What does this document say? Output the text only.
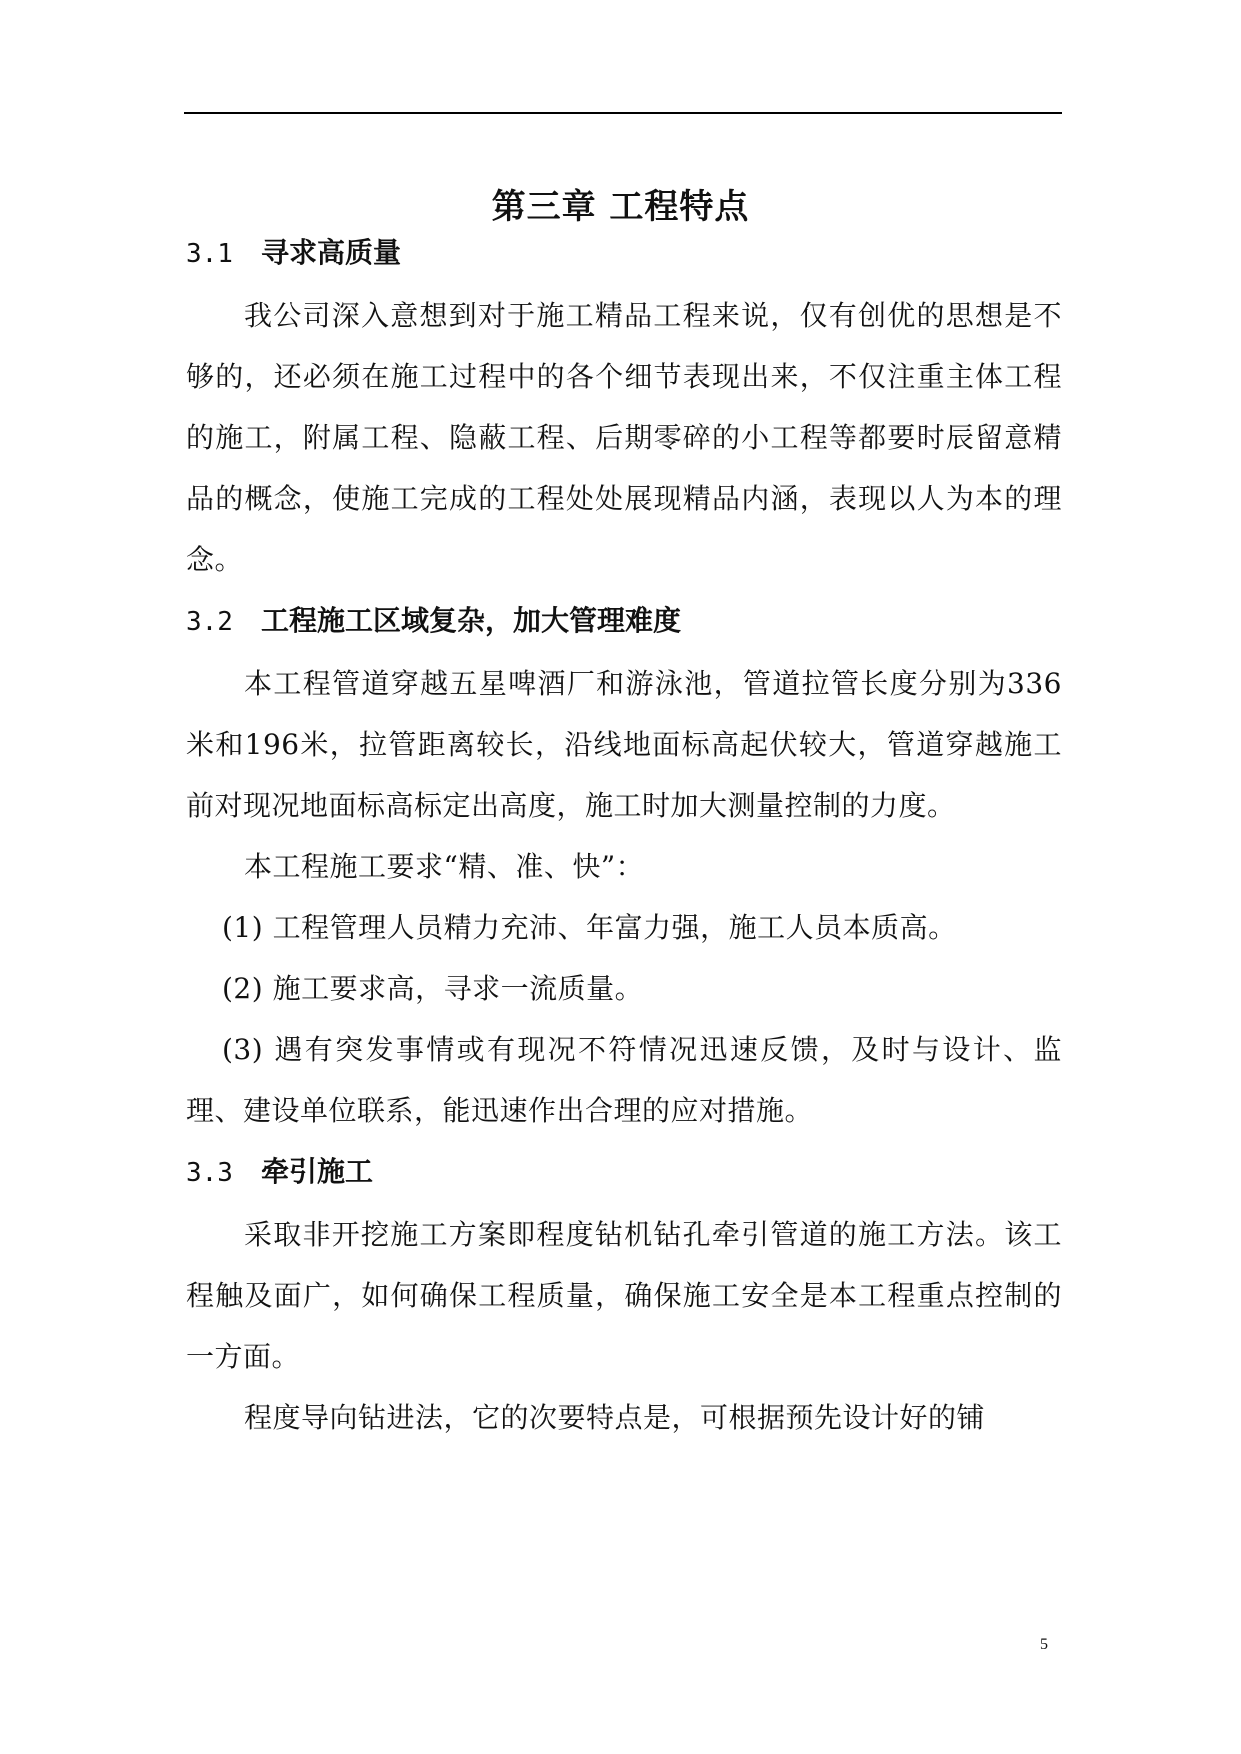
第三章 工程特点
3.1 寻求高质量

我公司深入意想到对于施工精品工程来说，仅有创优的思想是不够的，还必须在施工过程中的各个细节表现出来，不仅注重主体工程的施工，附属工程、隐蔽工程、后期零碎的小工程等都要时辰留意精品的概念，使施工完成的工程处处展现精品内涵，表现以人为本的理念。

3.2 工程施工区域复杂，加大管理难度

本工程管道穿越五星啤酒厂和游泳池，管道拉管长度分别为336米和196米，拉管距离较长，沿线地面标高起伏较大，管道穿越施工前对现况地面标高标定出高度，施工时加大测量控制的力度。

本工程施工要求“精、准、快”：

(1) 工程管理人员精力充沛、年富力强，施工人员本质高。

(2) 施工要求高，寻求一流质量。

(3) 遇有突发事情或有现况不符情况迅速反馈，及时与设计、监理、建设单位联系，能迅速作出合理的应对措施。

3.3 牵引施工

采取非开挖施工方案即程度钻机钻孔牵引管道的施工方法。该工程触及面广，如何确保工程质量，确保施工安全是本工程重点控制的一方面。

程度导向钻进法，它的次要特点是，可根据预先设计好的铺

5
